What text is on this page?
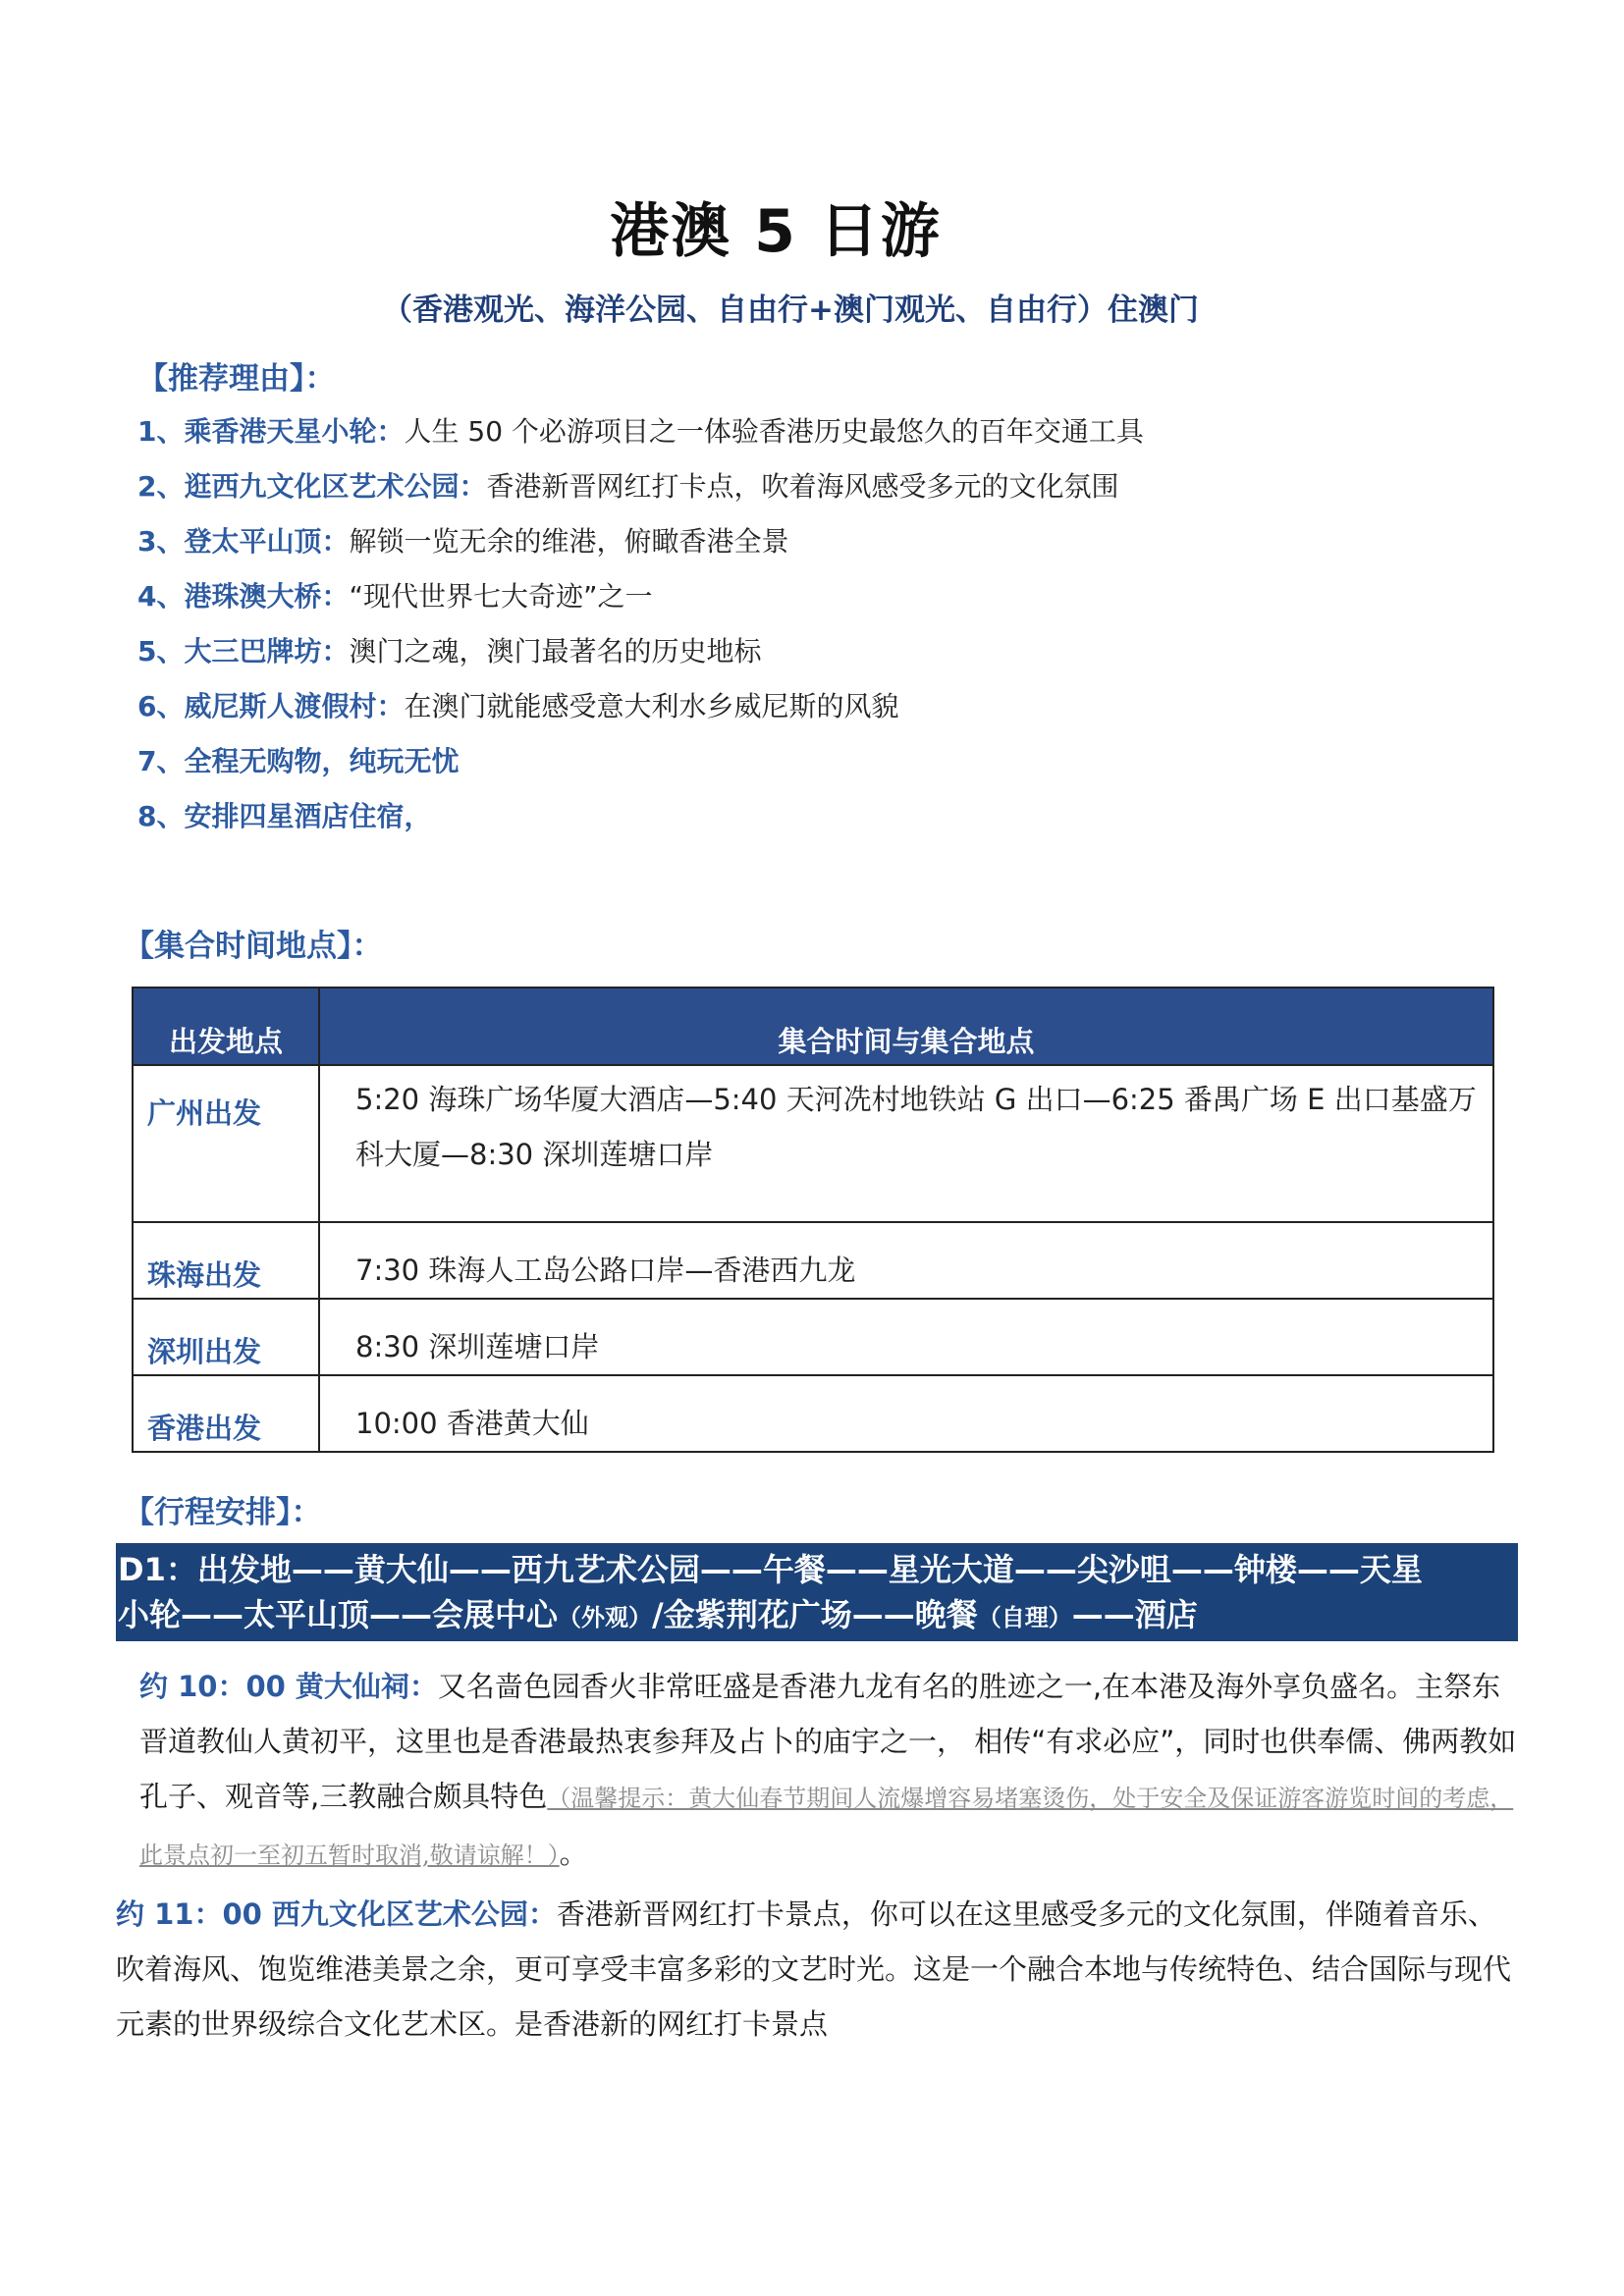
港澳 5 日游
（香港观光、海洋公园、自由行+澳门观光、自由行）住澳门
【推荐理由】：
1、乘香港天星小轮：人生 50 个必游项目之一体验香港历史最悠久的百年交通工具
2、逛西九文化区艺术公园：香港新晋网红打卡点，吹着海风感受多元的文化氛围
3、登太平山顶：解锁一览无余的维港，俯瞰香港全景
4、港珠澳大桥：“现代世界七大奇迹”之一
5、大三巴牌坊：澳门之魂，澳门最著名的历史地标
6、威尼斯人渡假村：在澳门就能感受意大利水乡威尼斯的风貌
7、全程无购物，纯玩无忧
8、安排四星酒店住宿，
【集合时间地点】：
出发地点	集合时间与集合地点
广州出发	5:20 海珠广场华厦大酒店—5:40 天河冼村地铁站 G 出口—6:25 番禺广场 E 出口基盛万科大厦—8:30 深圳莲塘口岸
珠海出发	7:30 珠海人工岛公路口岸—香港西九龙
深圳出发	8:30 深圳莲塘口岸
香港出发	10:00 香港黄大仙
【行程安排】：
D1：出发地——黄大仙——西九艺术公园——午餐——星光大道——尖沙咀——钟楼——天星
小轮——太平山顶——会展中心（外观）/金紫荆花广场——晚餐（自理）——酒店
约 10：00 黄大仙祠：又名啬色园香火非常旺盛是香港九龙有名的胜迹之一,在本港及海外享负盛名。主祭东晋道教仙人黄初平，这里也是香港最热衷参拜及占卜的庙宇之一， 相传“有求必应”，同时也供奉儒、佛两教如孔子、观音等,三教融合颇具特色（温馨提示：黄大仙春节期间人流爆增容易堵塞烫伤，处于安全及保证游客游览时间的考虑，此景点初一至初五暂时取消,敬请谅解！）。
约 11：00 西九文化区艺术公园：香港新晋网红打卡景点，你可以在这里感受多元的文化氛围，伴随着音乐、吹着海风、饱览维港美景之余，更可享受丰富多彩的文艺时光。这是一个融合本地与传统特色、结合国际与现代元素的世界级综合文化艺术区。是香港新的网红打卡景点
